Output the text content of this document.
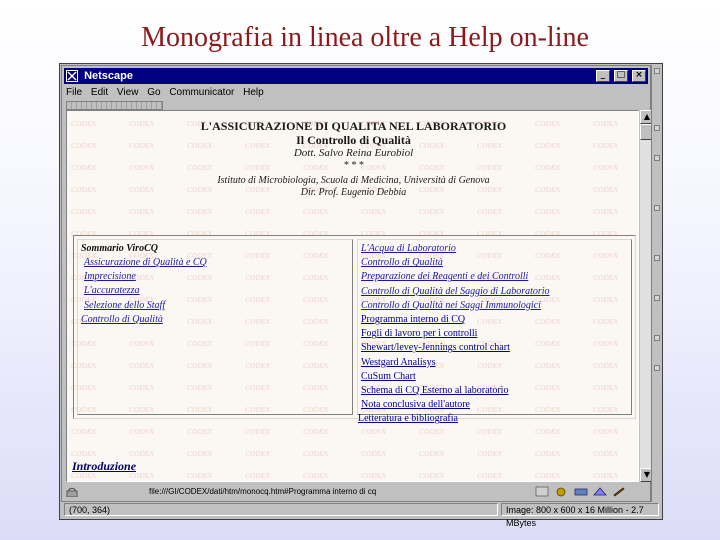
Monografia in linea oltre a Help on-line
Netscape	_ □ ×
File Edit View Go Communicator Help
L'ASSICURAZIONE DI QUALITA NEL LABORATORIO
Il Controllo di Qualità
Dott. Salvo Reina Eurobiol
* * *
Istituto di Microbiologia, Scuola di Medicina, Università di Genova
Dir. Prof. Eugenio Debbia
Sommario ViroCQ
Assicurazione di Qualità e CQ
Imprecisione
L'accuratezza
Selezione dello Staff
Controllo di Qualità
L'Acqua di Laboratorio
Controllo di Qualità
Preparazione dei Reagenti e dei Controlli
Controllo di Qualità del Saggio di Laboratorio
Controllo di Qualità nei Saggi Immunologici
Programma interno di CQ
Fogli di lavoro per i controlli
Shewart/levey-Jennings control chart
Westgard Analisys
CuSum Chart
Schema di CQ Esterno al laboratorio
Nota conclusiva dell'autore
Letteratura e bibliografia
Introduzione
▲
▼
file:///GI/CODEX/dati/htm/monocq.htm#Programma interno di cq

(700, 364)	Image: 800 x 600 x 16 Million - 2.7 MBytes
